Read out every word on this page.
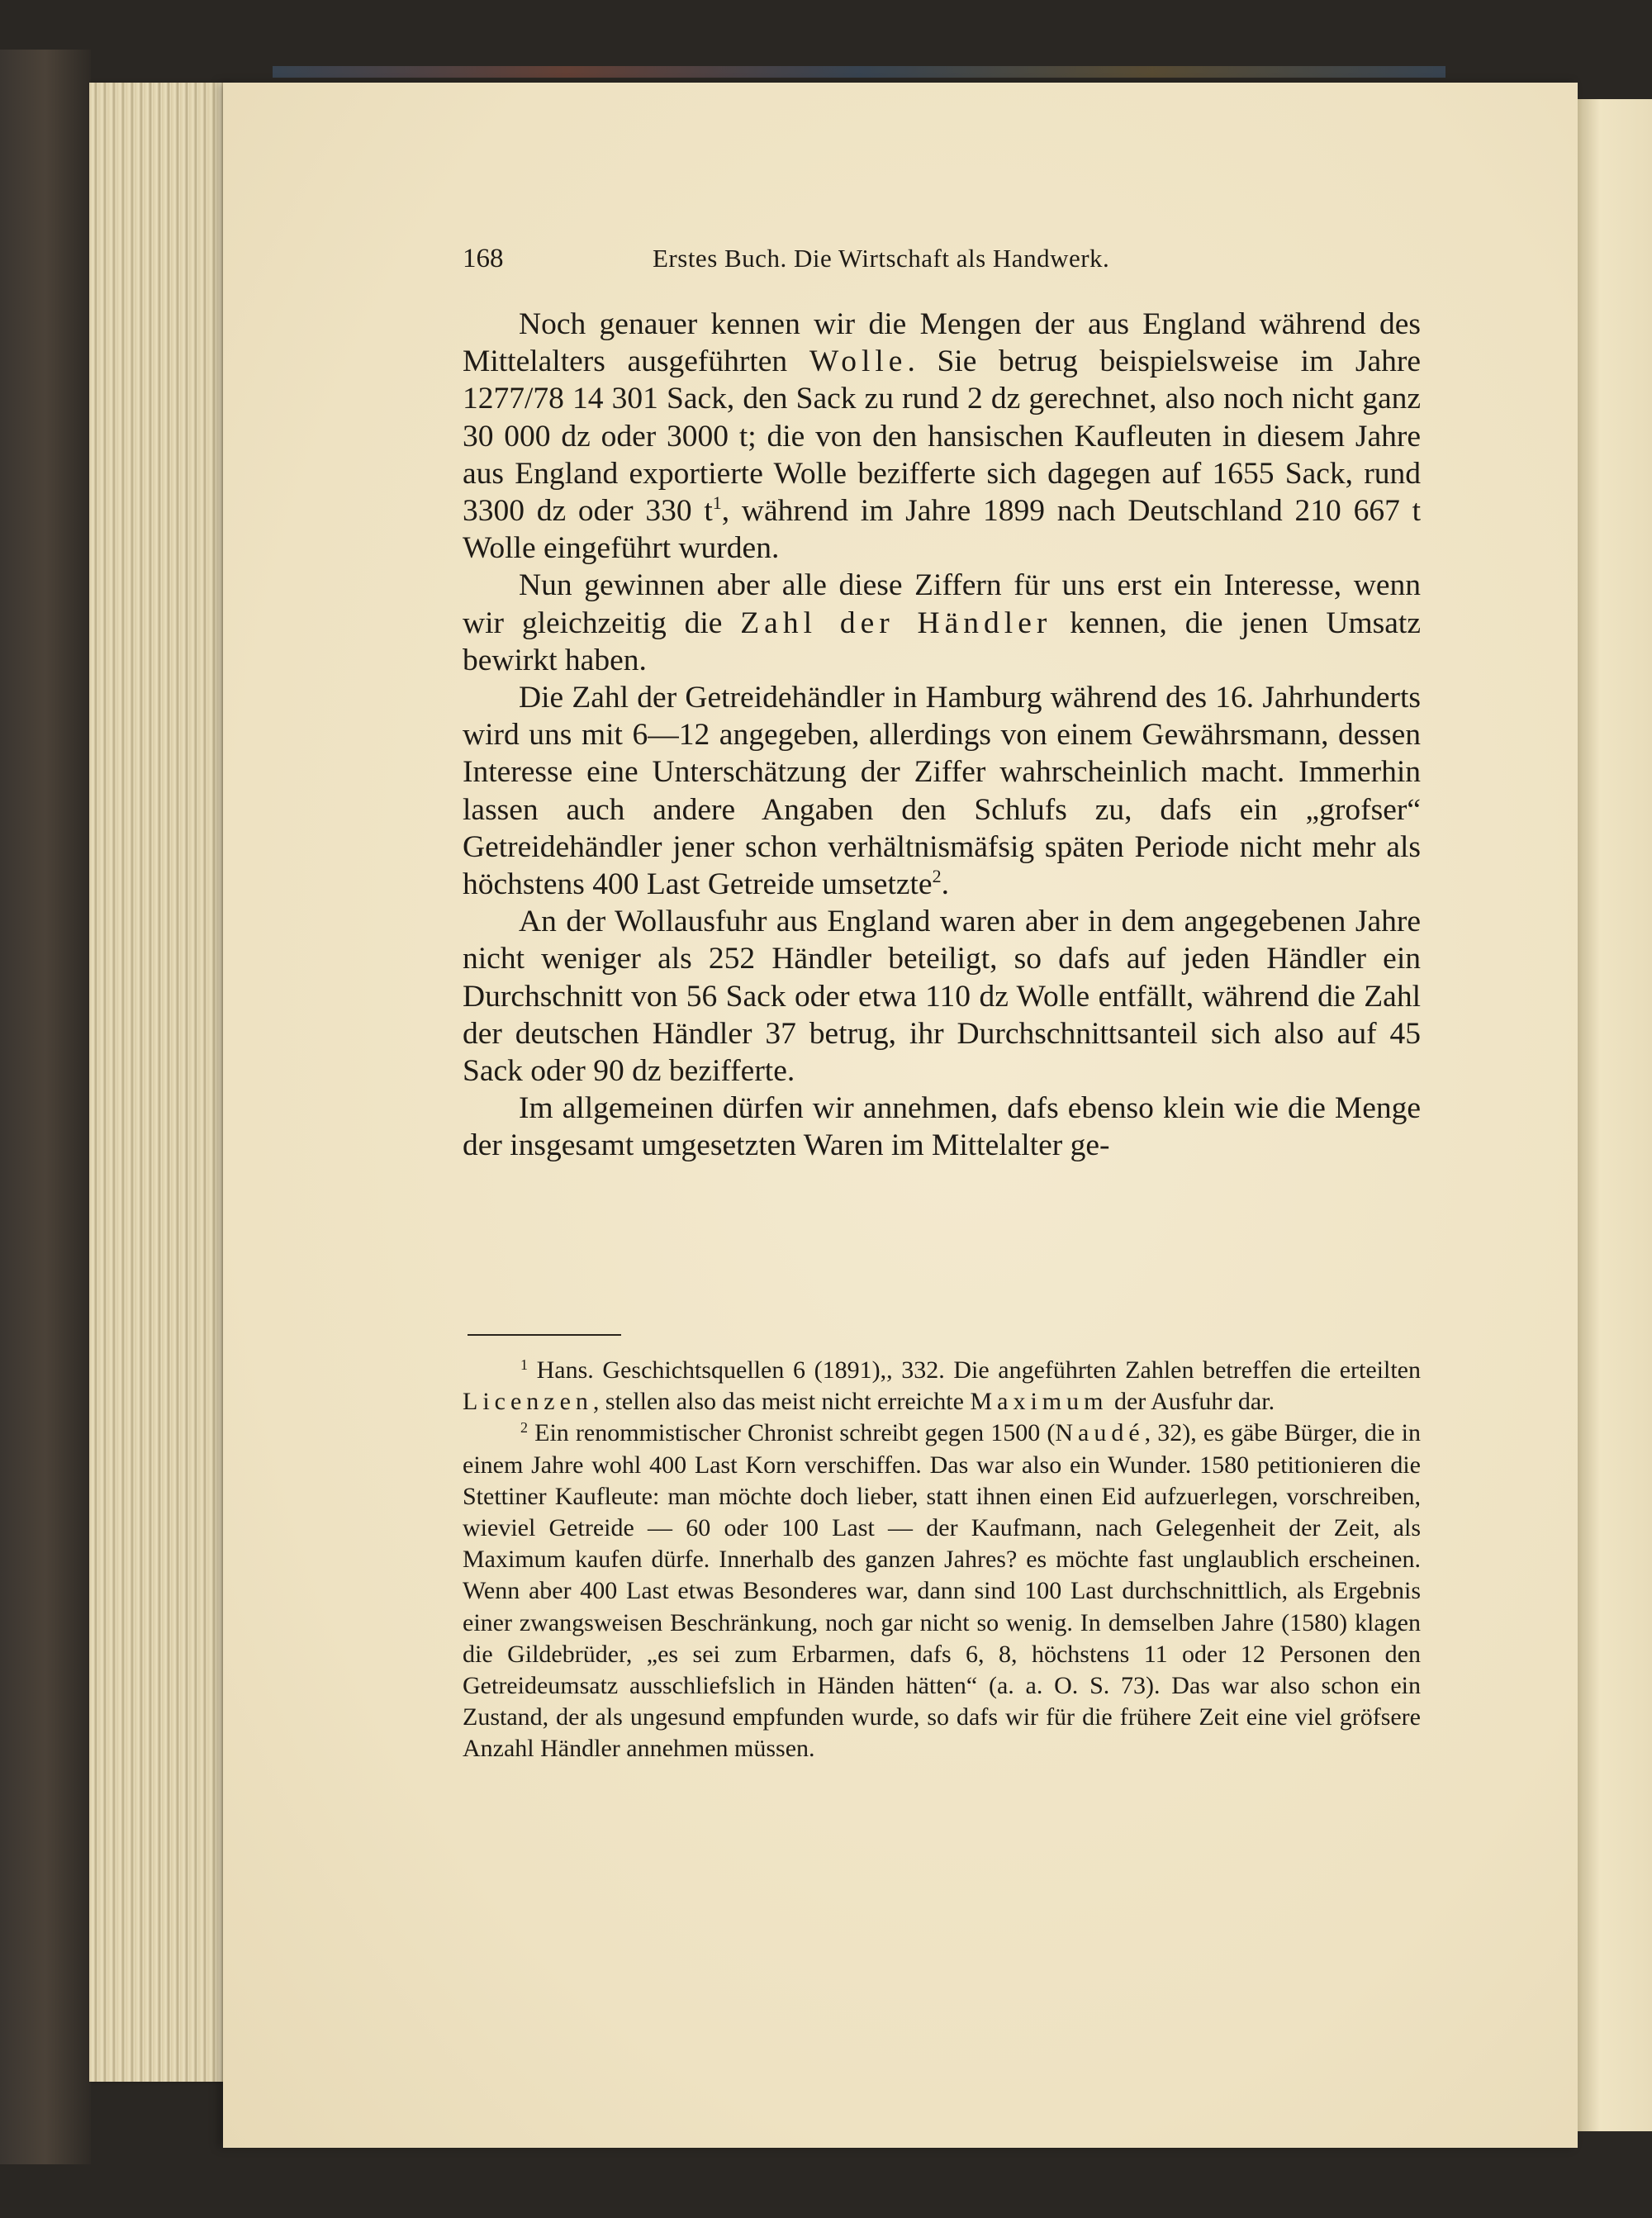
168	Erstes Buch. Die Wirtschaft als Handwerk.

Noch genauer kennen wir die Mengen der aus England während des Mittelalters ausgeführten Wolle. Sie betrug beispielsweise im Jahre 1277/78 14 301 Sack, den Sack zu rund 2 dz gerechnet, also noch nicht ganz 30 000 dz oder 3000 t; die von den hansischen Kaufleuten in diesem Jahre aus England exportierte Wolle bezifferte sich dagegen auf 1655 Sack, rund 3300 dz oder 330 $t^1$, während im Jahre 1899 nach Deutschland 210 667 t Wolle eingeführt wurden.

Nun gewinnen aber alle diese Ziffern für uns erst ein Interesse, wenn wir gleichzeitig die Zahl der Händler kennen, die jenen Umsatz bewirkt haben.

Die Zahl der Getreidehändler in Hamburg während des 16. Jahrhunderts wird uns mit 6—12 angegeben, allerdings von einem Gewährsmann, dessen Interesse eine Unterschätzung der Ziffer wahrscheinlich macht. Immerhin lassen auch andere Angaben den Schlufs zu, dafs ein „grofser“ Getreidehändler jener schon verhältnismäfsig späten Periode nicht mehr als höchstens 400 Last Getreide umsetzte$^2$.

An der Wollausfuhr aus England waren aber in dem angegebenen Jahre nicht weniger als 252 Händler beteiligt, so dafs auf jeden Händler ein Durchschnitt von 56 Sack oder etwa 110 dz Wolle entfällt, während die Zahl der deutschen Händler 37 betrug, ihr Durchschnittsanteil sich also auf 45 Sack oder 90 dz bezifferte.

Im allgemeinen dürfen wir annehmen, dafs ebenso klein wie die Menge der insgesamt umgesetzten Waren im Mittelalter ge-

$^1$ Hans. Geschichtsquellen 6 (1891),, 332. Die angeführten Zahlen betreffen die erteilten Licenzen, stellen also das meist nicht erreichte Maximum der Ausfuhr dar.

$^2$ Ein renommistischer Chronist schreibt gegen 1500 (Naudé, 32), es gäbe Bürger, die in einem Jahre wohl 400 Last Korn verschiffen. Das war also ein Wunder. 1580 petitionieren die Stettiner Kaufleute: man möchte doch lieber, statt ihnen einen Eid aufzuerlegen, vorschreiben, wieviel Getreide — 60 oder 100 Last — der Kaufmann, nach Gelegenheit der Zeit, als Maximum kaufen dürfe. Innerhalb des ganzen Jahres? es möchte fast unglaublich erscheinen. Wenn aber 400 Last etwas Besonderes war, dann sind 100 Last durchschnittlich, als Ergebnis einer zwangsweisen Beschränkung, noch gar nicht so wenig. In demselben Jahre (1580) klagen die Gildebrüder, „es sei zum Erbarmen, dafs 6, 8, höchstens 11 oder 12 Personen den Getreideumsatz ausschliefslich in Händen hätten“ (a. a. O. S. 73). Das war also schon ein Zustand, der als ungesund empfunden wurde, so dafs wir für die frühere Zeit eine viel gröfsere Anzahl Händler annehmen müssen.
